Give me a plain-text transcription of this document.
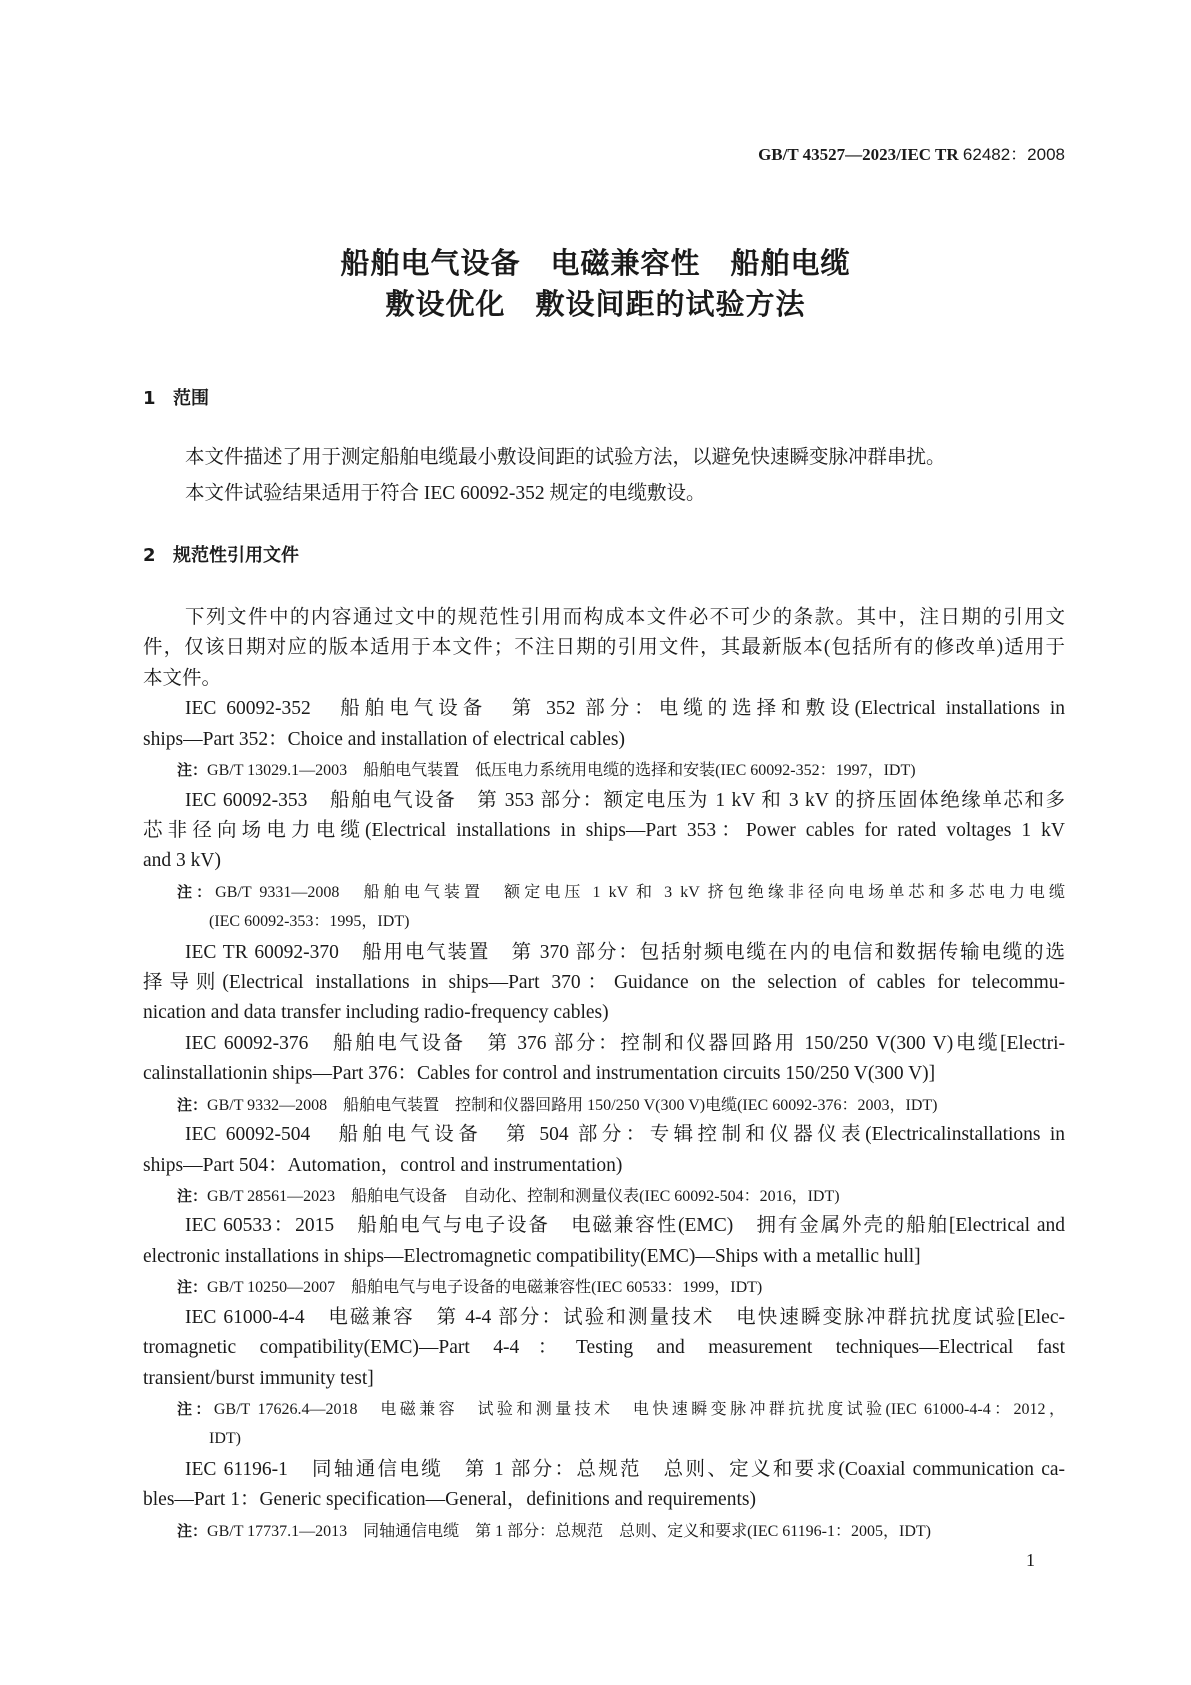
GB/T 43527—2023/IEC TR 62482：2008
船舶电气设备　电磁兼容性　船舶电缆
敷设优化　敷设间距的试验方法
1 范围
本文件描述了用于测定船舶电缆最小敷设间距的试验方法，以避免快速瞬变脉冲群串扰。
本文件试验结果适用于符合 IEC 60092-352 规定的电缆敷设。
2 规范性引用文件
下列文件中的内容通过文中的规范性引用而构成本文件必不可少的条款。其中，注日期的引用文
件，仅该日期对应的版本适用于本文件；不注日期的引用文件，其最新版本(包括所有的修改单)适用于
本文件。
IEC 60092-352　船舶电气设备　第 352 部分：电缆的选择和敷设(Electrical installations in
ships—Part 352：Choice and installation of electrical cables)
注：GB/T 13029.1—2003　船舶电气装置　低压电力系统用电缆的选择和安装(IEC 60092-352：1997，IDT)
IEC 60092-353　船舶电气设备　第 353 部分：额定电压为 1 kV 和 3 kV 的挤压固体绝缘单芯和多
芯非径向场电力电缆(Electrical installations in ships—Part 353：Power cables for rated voltages 1 kV
and 3 kV)
注：GB/T 9331—2008　船舶电气装置　额定电压 1 kV 和 3 kV 挤包绝缘非径向电场单芯和多芯电力电缆
(IEC 60092-353：1995，IDT)
IEC TR 60092-370　船用电气装置　第 370 部分：包括射频电缆在内的电信和数据传输电缆的选
择导则(Electrical installations in ships—Part 370：Guidance on the selection of cables for telecommu-
nication and data transfer including radio-frequency cables)
IEC 60092-376　船舶电气设备　第 376 部分：控制和仪器回路用 150/250 V(300 V)电缆[Electri-
calinstallationin ships—Part 376：Cables for control and instrumentation circuits 150/250 V(300 V)]
注：GB/T 9332—2008　船舶电气装置　控制和仪器回路用 150/250 V(300 V)电缆(IEC 60092-376：2003，IDT)
IEC 60092-504　船舶电气设备　第 504 部分：专辑控制和仪器仪表(Electricalinstallations in
ships—Part 504：Automation，control and instrumentation)
注：GB/T 28561—2023　船舶电气设备　自动化、控制和测量仪表(IEC 60092-504：2016，IDT)
IEC 60533：2015　船舶电气与电子设备　电磁兼容性(EMC)　拥有金属外壳的船舶[Electrical and
electronic installations in ships—Electromagnetic compatibility(EMC)—Ships with a metallic hull]
注：GB/T 10250—2007　船舶电气与电子设备的电磁兼容性(IEC 60533：1999，IDT)
IEC 61000-4-4　电磁兼容　第 4-4 部分：试验和测量技术　电快速瞬变脉冲群抗扰度试验[Elec-
tromagnetic compatibility(EMC)—Part 4-4：Testing and measurement techniques—Electrical fast
transient/burst immunity test]
注：GB/T 17626.4—2018　电磁兼容　试验和测量技术　电快速瞬变脉冲群抗扰度试验(IEC 61000-4-4：2012，
IDT)
IEC 61196-1　同轴通信电缆　第 1 部分：总规范　总则、定义和要求(Coaxial communication ca-
bles—Part 1：Generic specification—General，definitions and requirements)
注：GB/T 17737.1—2013　同轴通信电缆　第 1 部分：总规范　总则、定义和要求(IEC 61196-1：2005，IDT)
1
